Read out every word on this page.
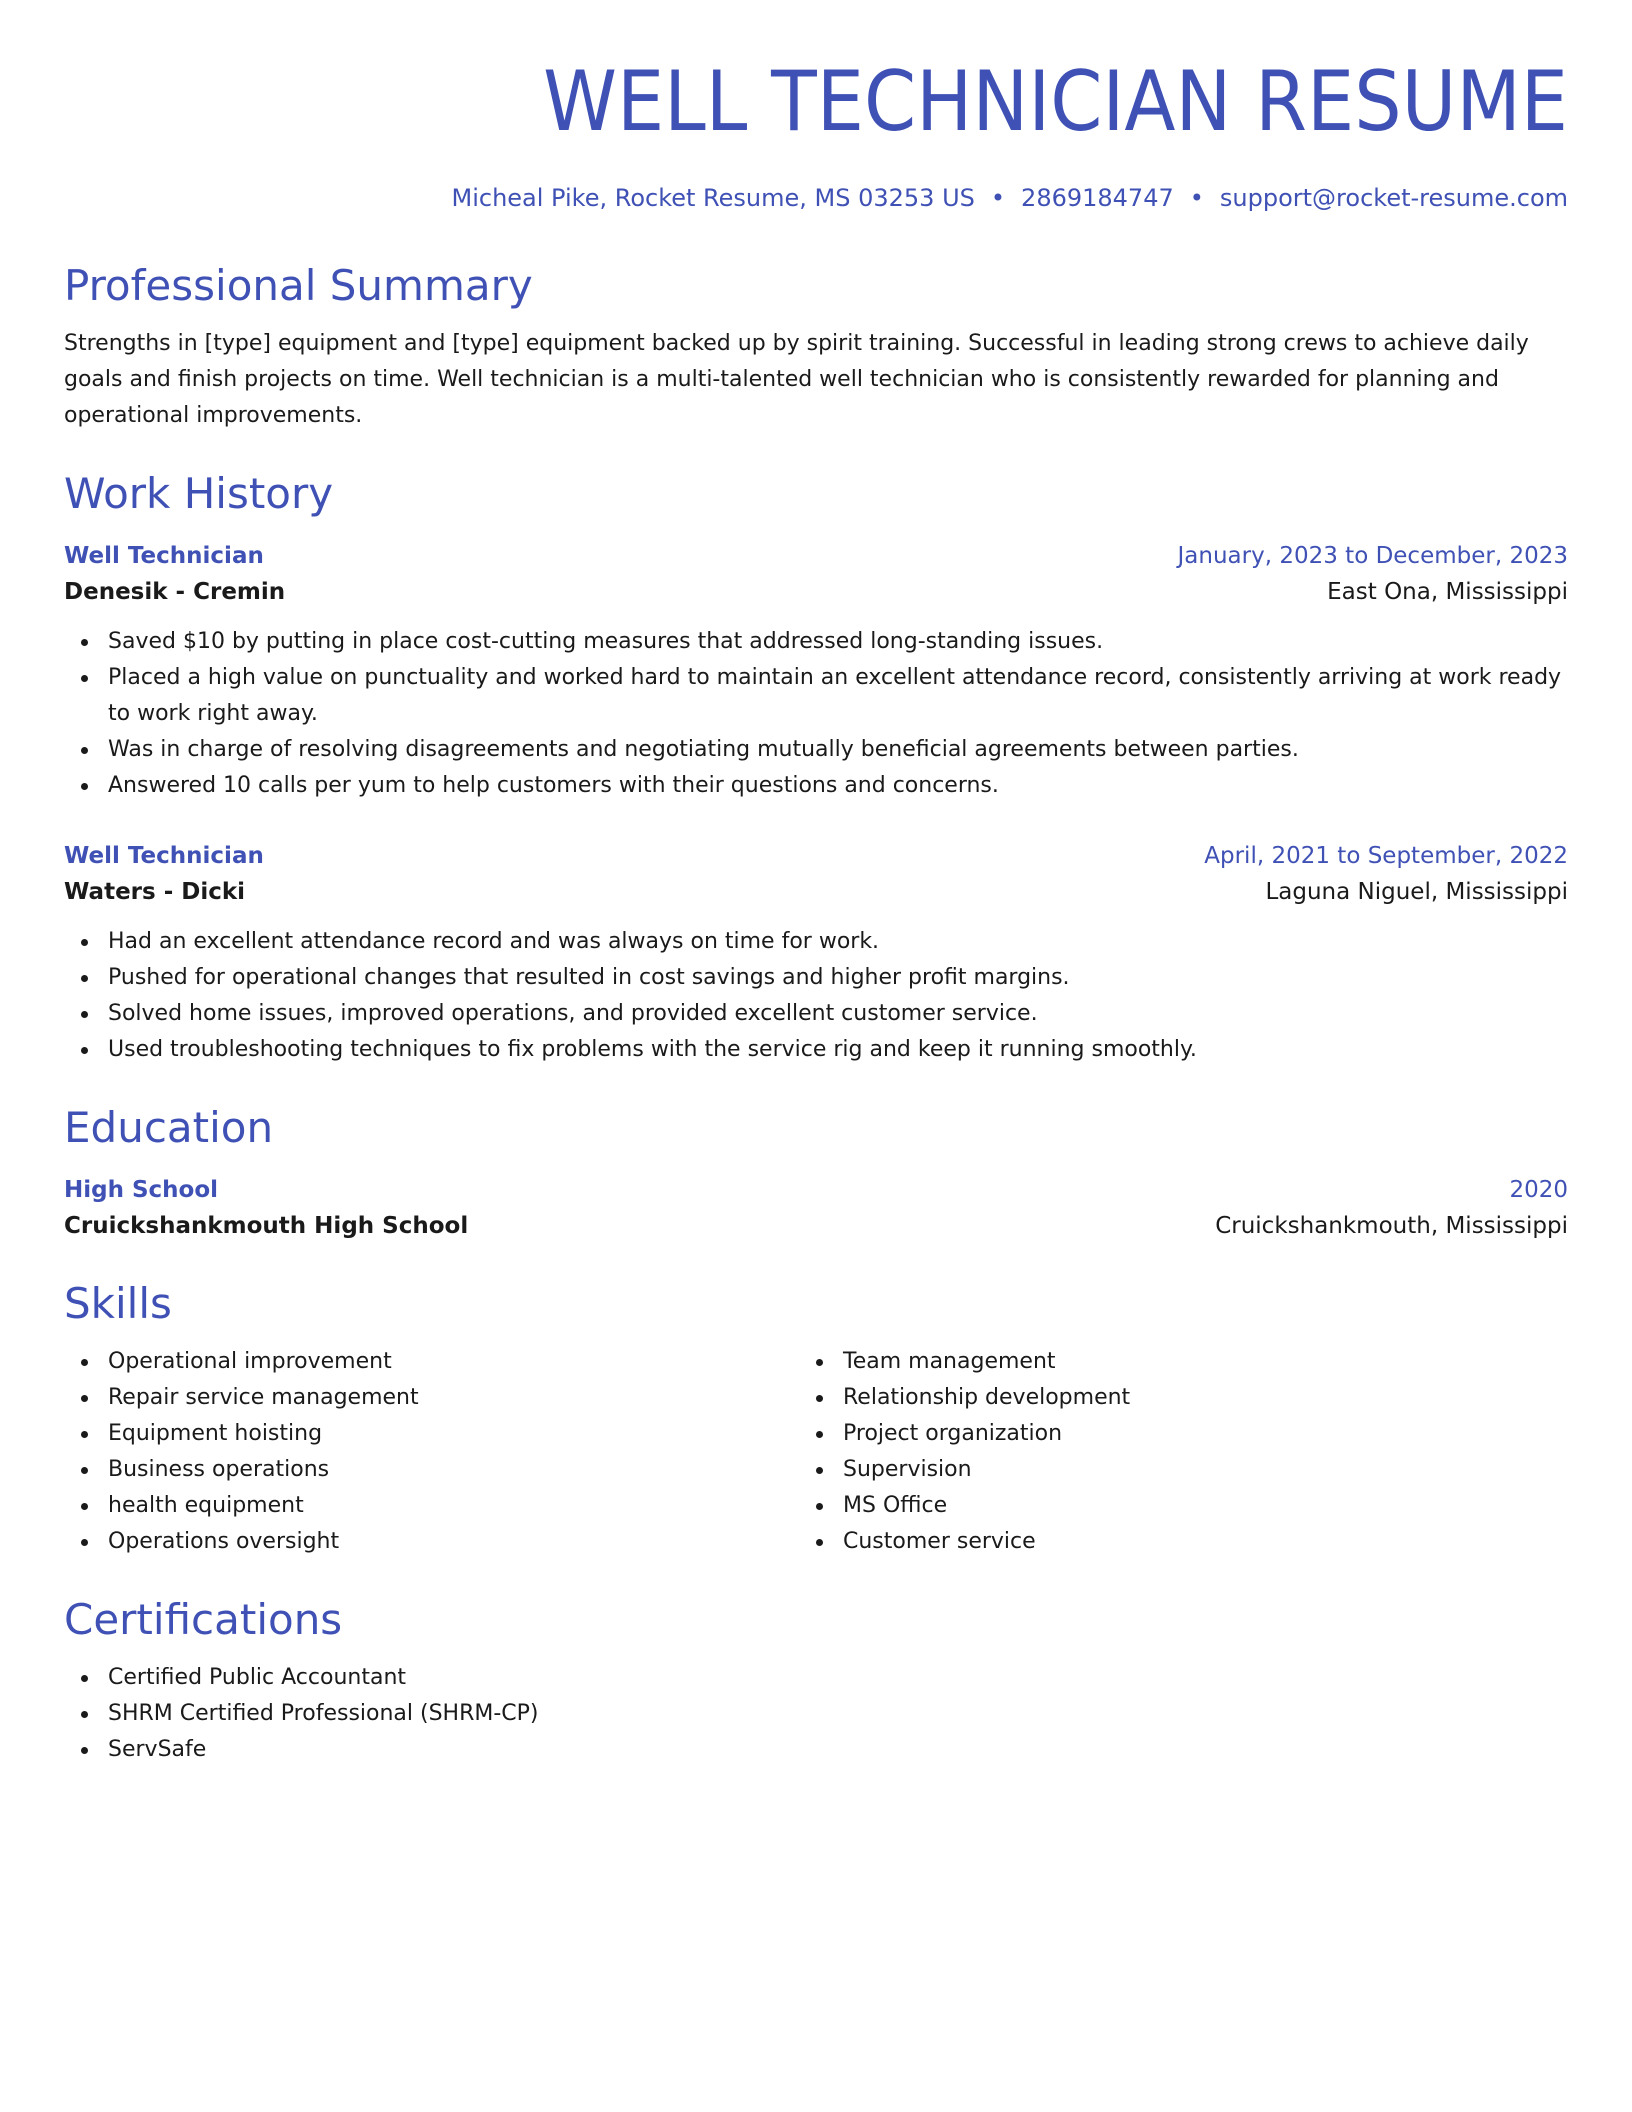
WELL TECHNICIAN RESUME
Micheal Pike, Rocket Resume, MS 03253 US • 2869184747 • support@rocket-resume.com
Professional Summary

Strengths in [type] equipment and [type] equipment backed up by spirit training. Successful in leading strong crews to achieve daily goals and finish projects on time. Well technician is a multi-talented well technician who is consistently rewarded for planning and operational improvements.

Work History
Well Technician	January, 2023 to December, 2023
Denesik - Cremin	East Ona, Mississippi
Saved $10 by putting in place cost-cutting measures that addressed long-standing issues.
Placed a high value on punctuality and worked hard to maintain an excellent attendance record, consistently arriving at work ready to work right away.
Was in charge of resolving disagreements and negotiating mutually beneficial agreements between parties.
Answered 10 calls per yum to help customers with their questions and concerns.
Well Technician	April, 2021 to September, 2022
Waters - Dicki	Laguna Niguel, Mississippi
Had an excellent attendance record and was always on time for work.
Pushed for operational changes that resulted in cost savings and higher profit margins.
Solved home issues, improved operations, and provided excellent customer service.
Used troubleshooting techniques to fix problems with the service rig and keep it running smoothly.
Education
High School	2020
Cruickshankmouth High School	Cruickshankmouth, Mississippi
Skills
Operational improvement
Repair service management
Equipment hoisting
Business operations
health equipment
Operations oversight
Team management
Relationship development
Project organization
Supervision
MS Office
Customer service
Certifications
Certified Public Accountant
SHRM Certified Professional (SHRM-CP)
ServSafe
